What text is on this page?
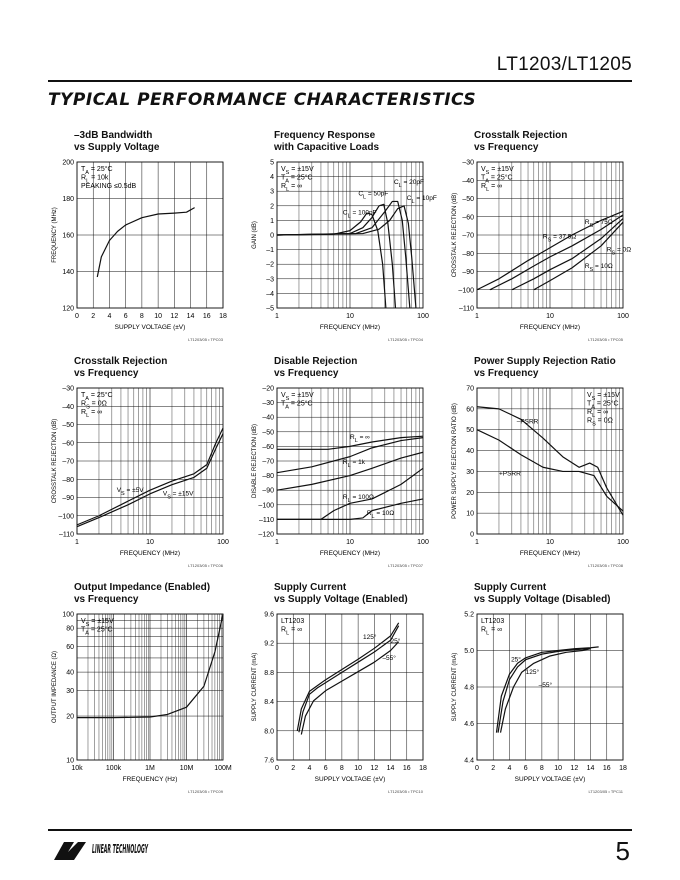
LT1203/LT1205
TYPICAL PERFORMANCE CHARACTERISTICS
–3dB Bandwidth
vs Supply Voltage
0 2 4 6 8 10 12 14 16 18
120
140
160
180
200
SUPPLY VOLTAGE (±V)
FREQUENCY (MHz)
LT1203/05 • TPC03
$T_A = 25^\circ C$
$R_L = 10k$
PEAKING ≤0.5dB
Frequency Response
with Capacitive Loads
1	10	100
–5
–4
–3
–2
–1
0
1
2
3
4
5
FREQUENCY (MHz)
GAIN (dB)
LT1203/05 • TPC04
$V_S = \pm 15V$
$T_A = 25^\circ C$
$R_L$ = ∞
$C_L = 50pF$
$C_L = 20pF$
$C_L = 10pF$
$C_L = 100pF$
Crosstalk Rejection
vs Frequency
1	10	100
–110
–100
–90
–80
–70
–60
–50
–40
–30
FREQUENCY (MHz)
CROSSTALK REJECTION (dB)
LT1203/05 • TPC05
$V_S = \pm 15V$
$T_A = 25^\circ C$
$R_L$ = ∞
$R_S = 75\Omega$
$R_S = 37.5\Omega$
$R_S = 0\Omega$
$R_S = 10\Omega$
Crosstalk Rejection
vs Frequency
1	10	100
–110
–100
–90
–80
–70
–60
–50
–40
–30
FREQUENCY (MHz)
CROSSTALK REJECTION (dB)
LT1203/05 • TPC06
$T_A = 25^\circ C$
$R_S = 0\Omega$
$R_L$ = ∞
$V_S = \pm 5V$
$V_S = \pm 15V$
Disable Rejection
vs Frequency
1	10	100
–120
–110
–100
–90
–80
–70
–60
–50
–40
–30
–20
FREQUENCY (MHz)
DISABLE REJECTION (dB)
LT1203/05 • TPC07
$V_S = \pm 15V$
$T_A = 25^\circ C$
$R_L$ = ∞
$R_L = 1k$
$R_L = 100\Omega$
$R_L = 10\Omega$
Power Supply Rejection Ratio
vs Frequency
1	10	100
0
10
20
30
40
50
60
70
FREQUENCY (MHz)
POWER SUPPLY REJECTION RATIO (dB)
LT1203/05 • TPC08
$V_S = \pm 15V$
$T_A = 25^\circ C$
$R_L$ = ∞
$R_S = 0\Omega$
–PSRR
+PSRR
Output Impedance (Enabled)
vs Frequency
10k	100k	1M	10M	100M
10
20
30
40
60
80
100
FREQUENCY (Hz)
OUTPUT IMPEDANCE (Ω)
LT1203/05 • TPC09
$V_S = \pm 15V$
$T_A = 25^\circ C$
Supply Current
vs Supply Voltage (Enabled)
0 2 4 6 8 10 12 14 16 18
7.6
8.0
8.4
8.8
9.2
9.6
SUPPLY VOLTAGE (±V)
SUPPLY CURRENT (mA)
LT1203/05 • TPC10
LT1203
$R_L$ = ∞
125°
25°
–55°
Supply Current
vs Supply Voltage (Disabled)
0 2 4 6 8 10 12 14 16 18
4.4
4.6
4.8
5.0
5.2
SUPPLY VOLTAGE (±V)
SUPPLY CURRENT (mA)
LT1203/05 • TPC11
LT1203
$R_L$ = ∞
25°
125°
–55°
LINEAR TECHNOLOGY	5
